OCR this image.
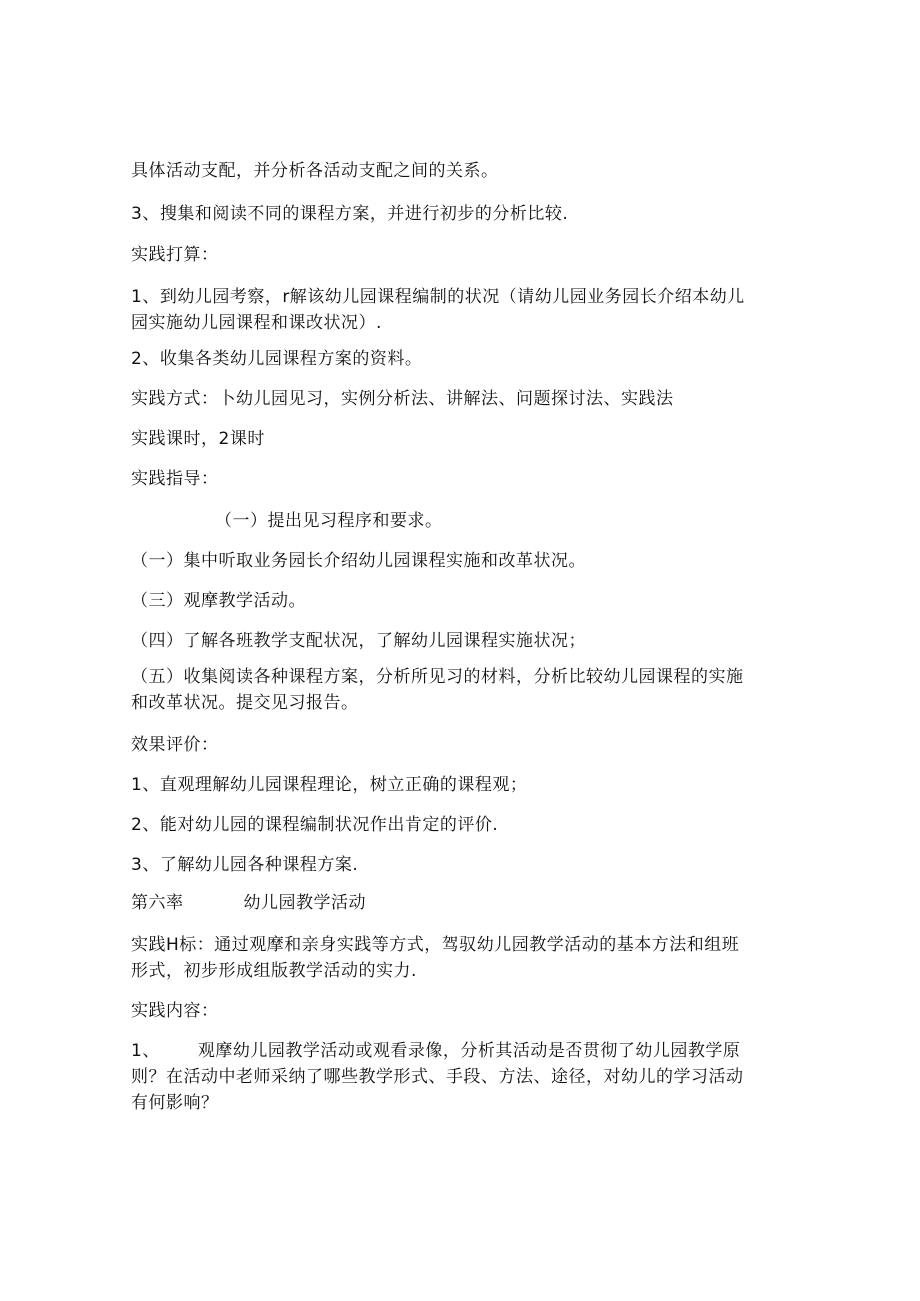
具体活动支配，并分析各活动支配之间的关系。
3、搜集和阅读不同的课程方案，并进行初步的分析比较.
实践打算：
1、到幼儿园考察，r解该幼儿园课程编制的状况（请幼儿园业务园长介绍本幼儿
园实施幼儿园课程和课改状况）.
2、收集各类幼儿园课程方案的资料。
实践方式：卜幼儿园见习，实例分析法、讲解法、问题探讨法、实践法
实践课时，2课时
实践指导：
（一）提出见习程序和要求。
（一）集中听取业务园长介绍幼儿园课程实施和改革状况。
（三）观摩教学活动。
（四）了解各班教学支配状况，了解幼儿园课程实施状况；
（五）收集阅读各种课程方案，分析所见习的材料，分析比较幼儿园课程的实施
和改革状况。提交见习报告。
效果评价：
1、直观理解幼儿园课程理论，树立正确的课程观；
2、能对幼儿园的课程编制状况作出肯定的评价.
3、了解幼儿园各种课程方案.
第六率	幼儿园教学活动
实践H标：通过观摩和亲身实践等方式，驾驭幼儿园教学活动的基本方法和组班
形式，初步形成组版教学活动的实力.
实践内容：
1、 观摩幼儿园教学活动或观看录像，分析其活动是否贯彻了幼儿园教学原
则？在活动中老师采纳了哪些教学形式、手段、方法、途径，对幼儿的学习活动
有何影响？
